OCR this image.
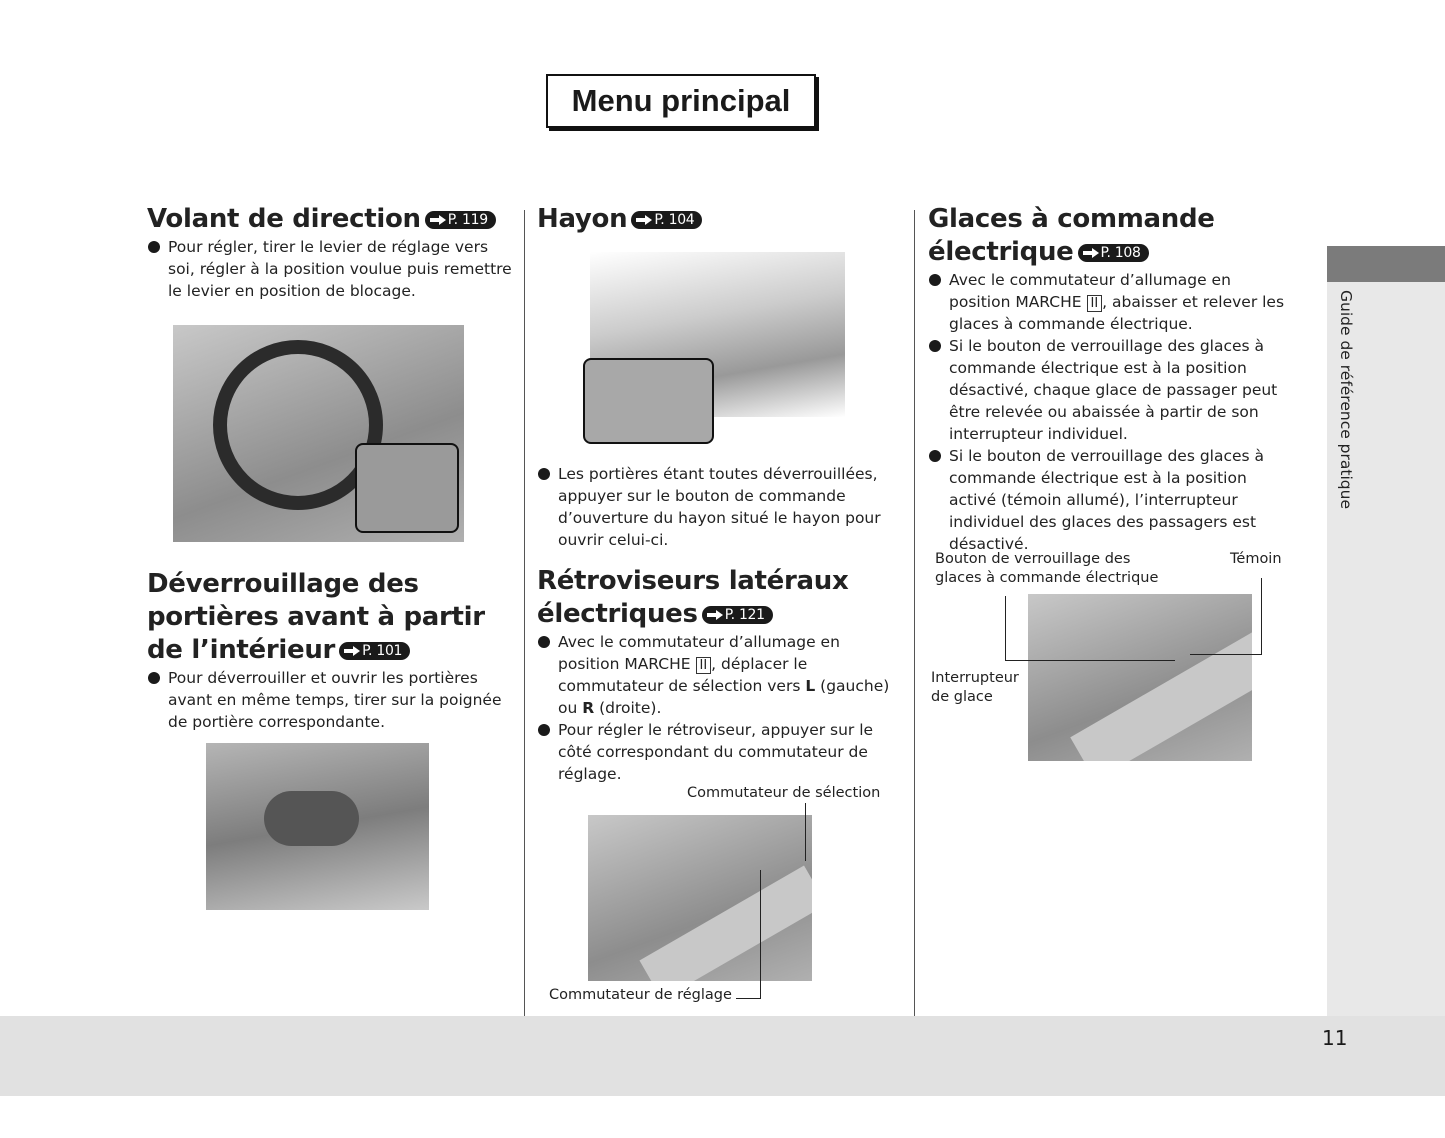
Menu principal
Guide de référence pratique
11
Volant de direction P. 119
Pour régler, tirer le levier de réglage vers soi, régler à la position voulue puis remettre le levier en position de blocage.
Déverrouillage des portières avant à partir de l’intérieur P. 101
Pour déverrouiller et ouvrir les portières avant en même temps, tirer sur la poignée de portière correspondante.
Hayon P. 104
Les portières étant toutes déverrouillées, appuyer sur le bouton de commande d’ouverture du hayon situé le hayon pour ouvrir celui-ci.
Rétroviseurs latéraux électriques P. 121
Avec le commutateur d’allumage en position MARCHE II , déplacer le commutateur de sélection vers L (gauche) ou R (droite).
Pour régler le rétroviseur, appuyer sur le côté correspondant du commutateur de réglage.
Commutateur de sélection
Commutateur de réglage
Glaces à commande électrique P. 108
Avec le commutateur d’allumage en position MARCHE II , abaisser et relever les glaces à commande électrique.
Si le bouton de verrouillage des glaces à commande électrique est à la position désactivé, chaque glace de passager peut être relevée ou abaissée à partir de son interrupteur individuel.
Si le bouton de verrouillage des glaces à commande électrique est à la position activé (témoin allumé), l’interrupteur individuel des glaces des passagers est désactivé.
Bouton de verrouillage des glaces à commande électrique
Témoin
Interrupteur de glace
